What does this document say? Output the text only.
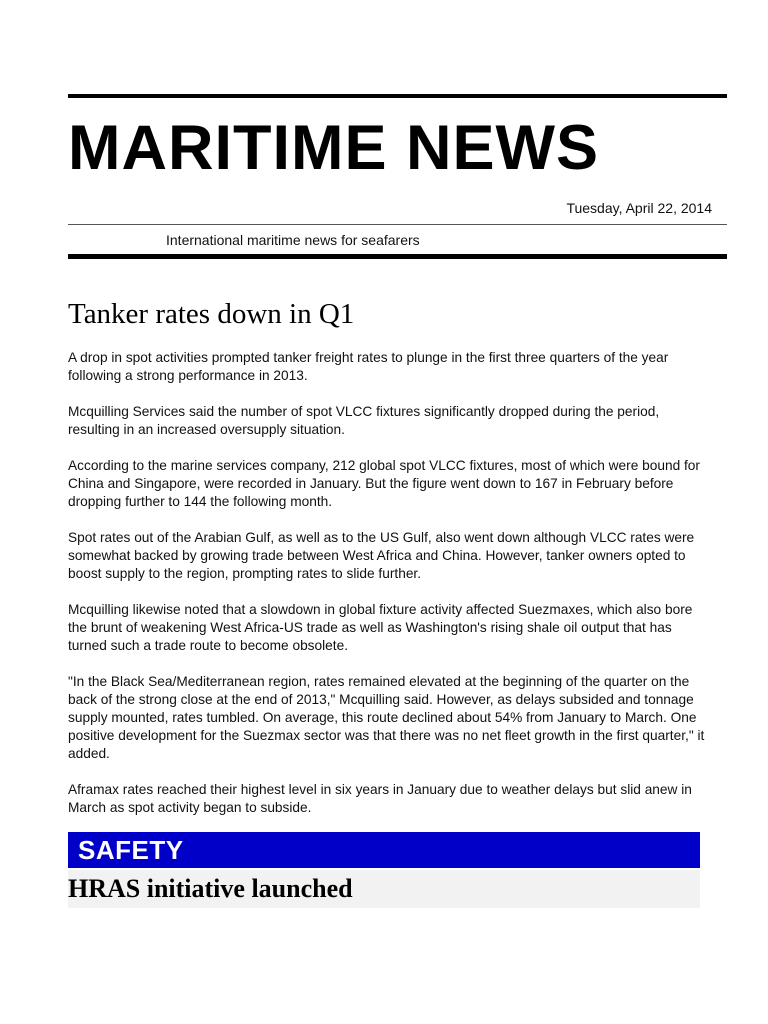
MARITIME NEWS
Tuesday, April 22, 2014
International maritime news for seafarers
Tanker rates down in Q1

A drop in spot activities prompted tanker freight rates to plunge in the first three quarters of the year following a strong performance in 2013.

Mcquilling Services said the number of spot VLCC fixtures significantly dropped during the period, resulting in an increased oversupply situation.

According to the marine services company, 212 global spot VLCC fixtures, most of which were bound for China and Singapore, were recorded in January. But the figure went down to 167 in February before dropping further to 144 the following month.

Spot rates out of the Arabian Gulf, as well as to the US Gulf, also went down although VLCC rates were somewhat backed by growing trade between West Africa and China. However, tanker owners opted to boost supply to the region, prompting rates to slide further.

Mcquilling likewise noted that a slowdown in global fixture activity affected Suezmaxes, which also bore the brunt of weakening West Africa-US trade as well as Washington's rising shale oil output that has turned such a trade route to become obsolete.

"In the Black Sea/Mediterranean region, rates remained elevated at the beginning of the quarter on the back of the strong close at the end of 2013," Mcquilling said. However, as delays subsided and tonnage supply mounted, rates tumbled. On average, this route declined about 54% from January to March. One positive development for the Suezmax sector was that there was no net fleet growth in the first quarter," it added.

Aframax rates reached their highest level in six years in January due to weather delays but slid anew in March as spot activity began to subside.

SAFETY
HRAS initiative launched
